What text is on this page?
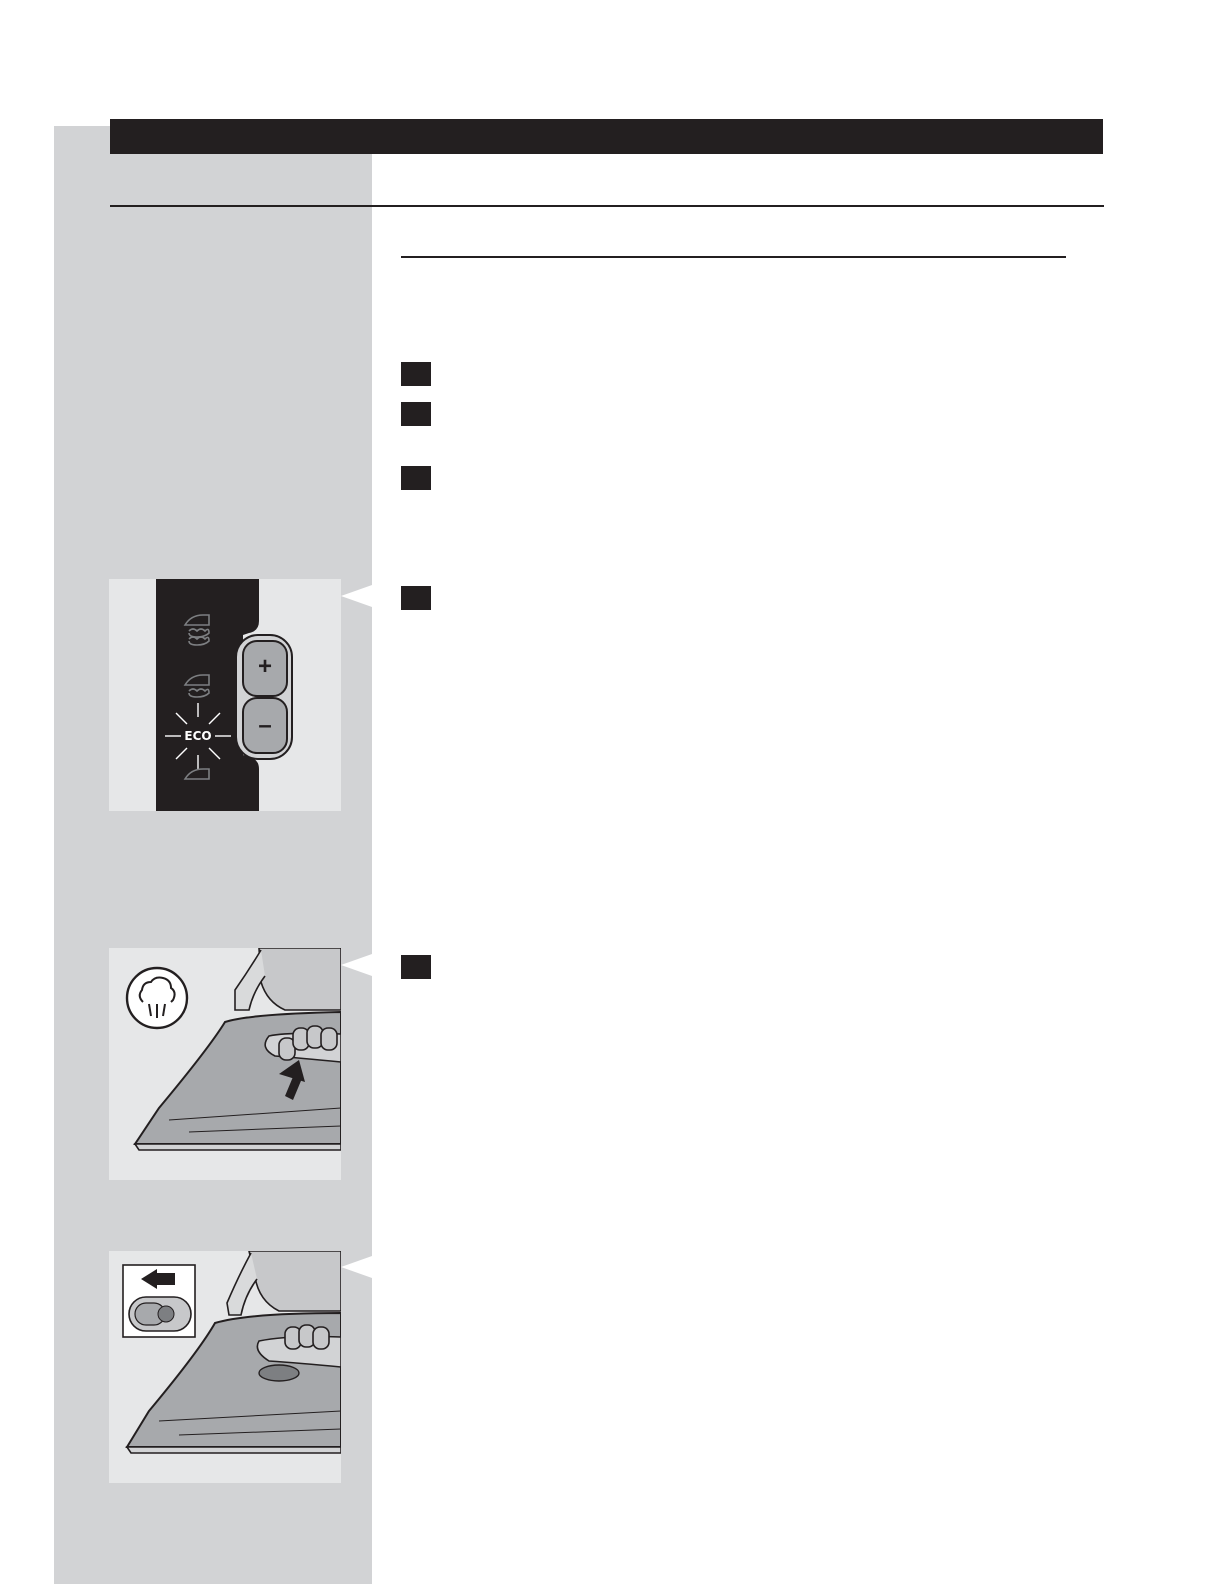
ECO
+
–
